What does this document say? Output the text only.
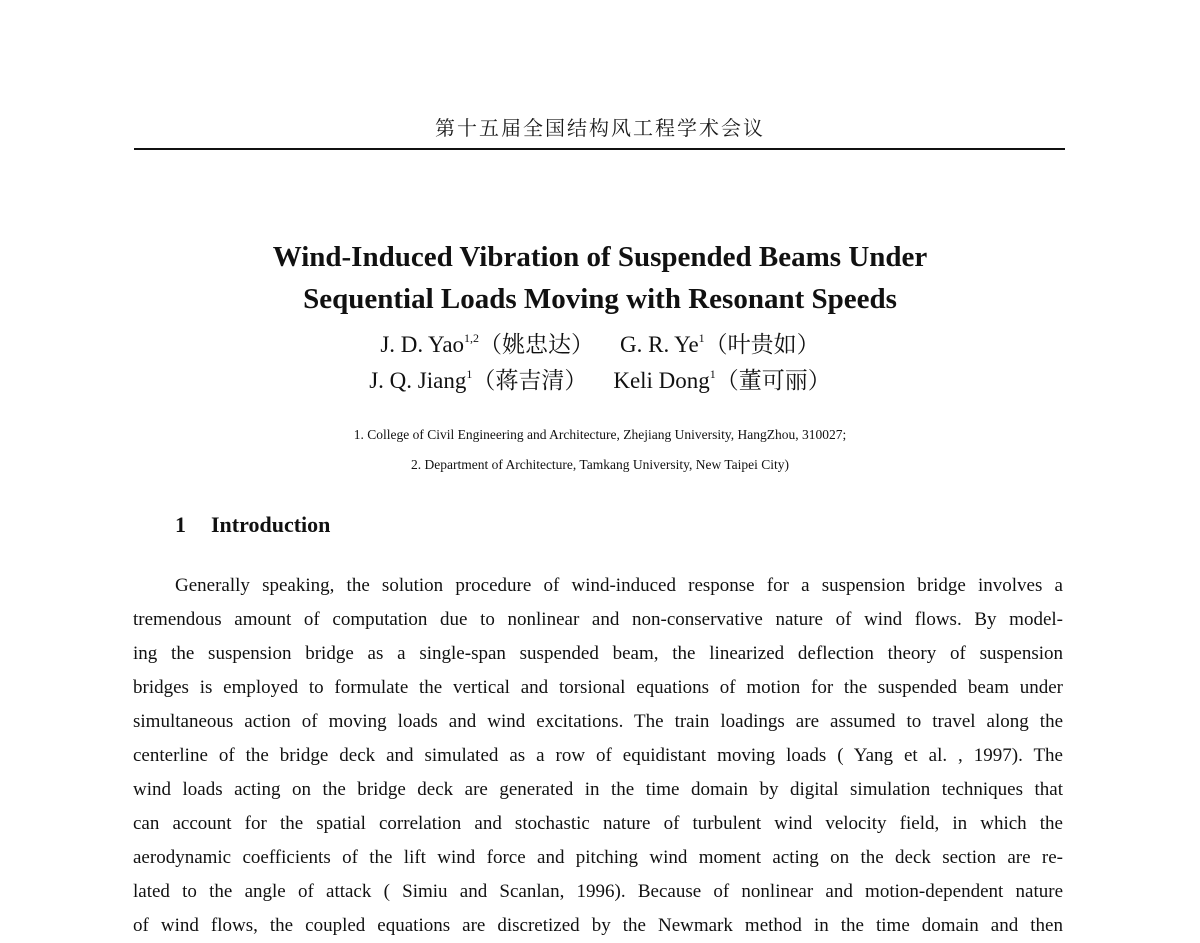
第十五届全国结构风工程学术会议
Wind-Induced Vibration of Suspended Beams Under
Sequential Loads Moving with Resonant Speeds
J. D. Yao$^{1,2}$（姚忠达） G. R. Ye$^1$（叶贵如）
J. Q. Jiang$^1$（蒋吉清） Keli Dong$^1$（董可丽）
1. College of Civil Engineering and Architecture, Zhejiang University, HangZhou, 310027;
2. Department of Architecture, Tamkang University, New Taipei City)
1 Introduction
Generally speaking, the solution procedure of wind-induced response for a suspension bridge involves a
tremendous amount of computation due to nonlinear and non-conservative nature of wind flows. By model-
ing the suspension bridge as a single-span suspended beam, the linearized deflection theory of suspension
bridges is employed to formulate the vertical and torsional equations of motion for the suspended beam under
simultaneous action of moving loads and wind excitations. The train loadings are assumed to travel along the
centerline of the bridge deck and simulated as a row of equidistant moving loads ( Yang et al. , 1997). The
wind loads acting on the bridge deck are generated in the time domain by digital simulation techniques that
can account for the spatial correlation and stochastic nature of turbulent wind velocity field, in which the
aerodynamic coefficients of the lift wind force and pitching wind moment acting on the deck section are re-
lated to the angle of attack ( Simiu and Scanlan, 1996). Because of nonlinear and motion-dependent nature
of wind flows, the coupled equations are discretized by the Newmark method in the time domain and then
